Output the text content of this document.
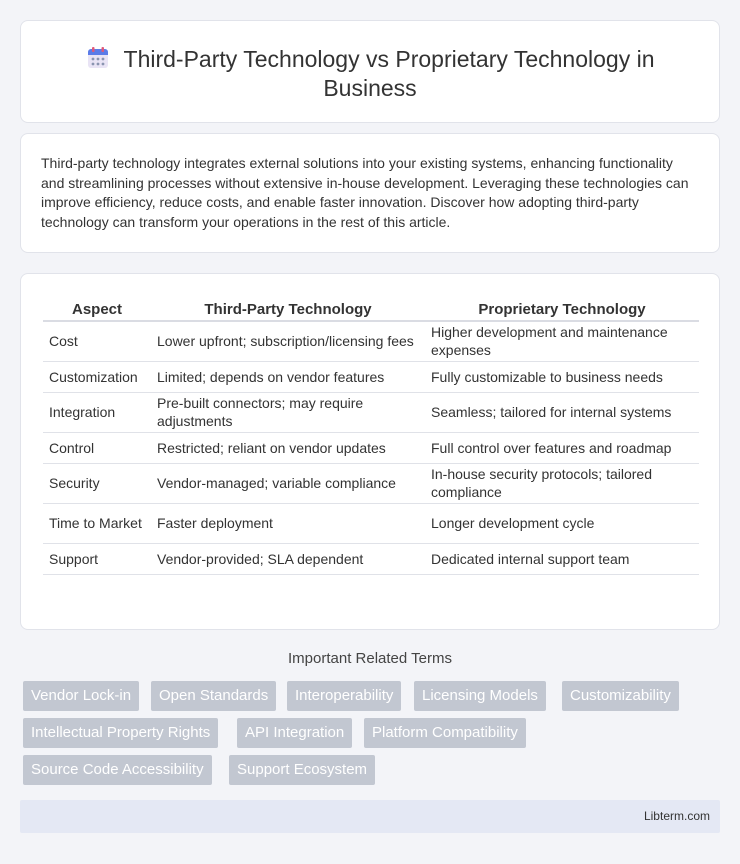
Third-Party Technology vs Proprietary Technology in Business

Third-party technology integrates external solutions into your existing systems, enhancing functionality and streamlining processes without extensive in-house development. Leveraging these technologies can improve efficiency, reduce costs, and enable faster innovation. Discover how adopting third-party technology can transform your operations in the rest of this article.

Aspect	Third-Party Technology	Proprietary Technology
Cost	Lower upfront; subscription/licensing fees	Higher development and maintenance expenses
Customization	Limited; depends on vendor features	Fully customizable to business needs
Integration	Pre-built connectors; may require adjustments	Seamless; tailored for internal systems
Control	Restricted; reliant on vendor updates	Full control over features and roadmap
Security	Vendor-managed; variable compliance	In-house security protocols; tailored compliance
Time to Market	Faster deployment	Longer development cycle
Support	Vendor-provided; SLA dependent	Dedicated internal support team
Important Related Terms
Vendor Lock-in	Open Standards	Interoperability	Licensing Models	Customizability
Intellectual Property Rights	API Integration	Platform Compatibility
Source Code Accessibility	Support Ecosystem
Libterm.com
